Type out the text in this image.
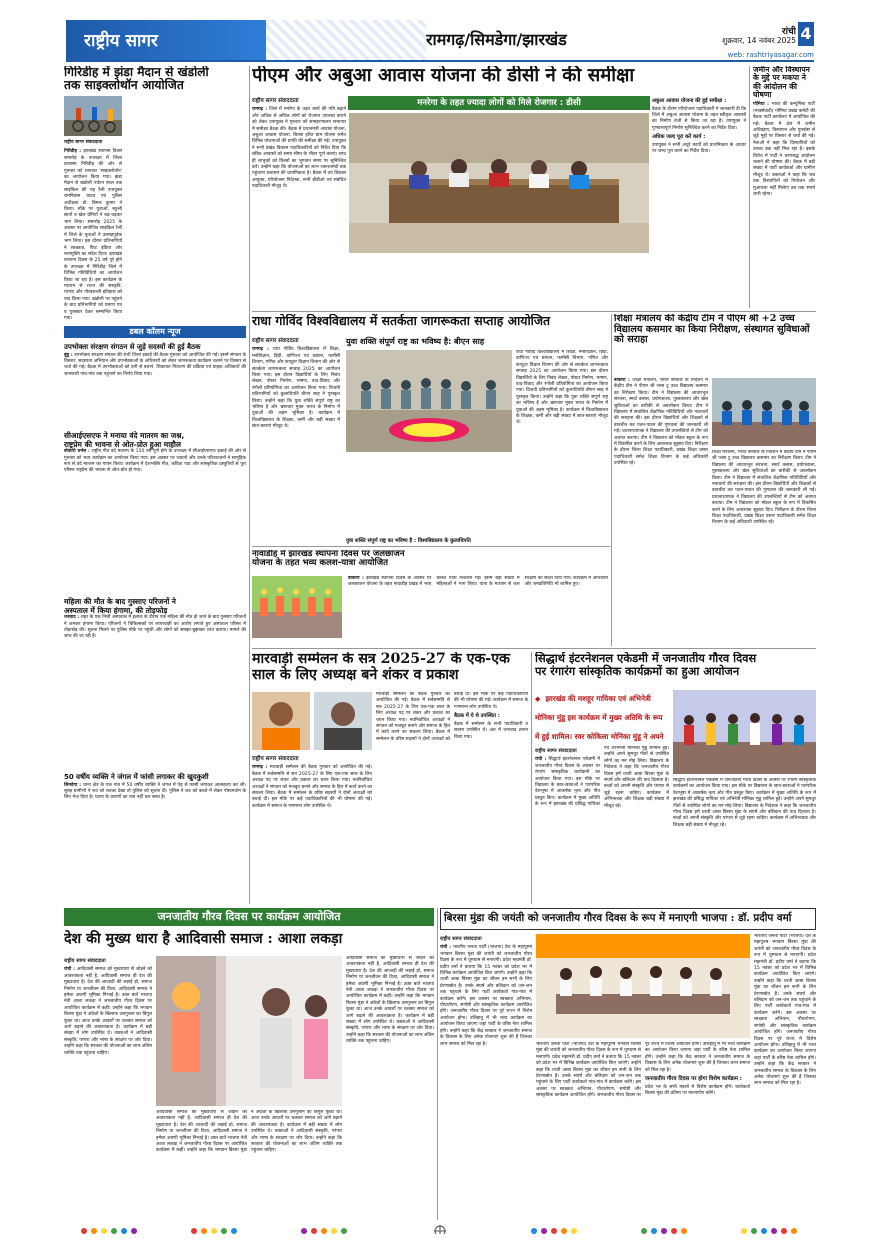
राष्ट्रीय सागर	रामगढ़/सिमडेगा/झारखंड	रांची
शुक्रवार, 14 नवंबर 2025 4
web: rashtriyasagar.com
गिरिडीह में झंडा मैदान से खंडोली
तक साइक्लोथॉन आयोजित
राष्ट्रीय सागर संवाददाता
गिरिडीह : झारखंड स्थापना दिवस समारोह के उपलक्ष्य में जिला प्रशासन गिरिडीह की ओर से गुरुवार को शानदार 'साइक्लोथॉन' का आयोजन किया गया। झंडा मैदान से खंडोली पर्यटन स्थल तक साइकिल की यह रैली उपायुक्त रामनिवास यादव एवं पुलिस अधीक्षक डॉ. बिमल कुमार ने किया। मौके पर युवाओं, स्कूली छात्रों व खेल प्रेमियों ने बढ़-चढ़कर भाग लिया। समारोह 2025 के अवसर पर आयोजित साइकिल रैली में जिले के युवाओं ने उत्साहपूर्वक भाग लिया। इस दौरान प्रतिभागियों ने स्वच्छता, फिट इंडिया और नशामुक्ति का संदेश दिया। झारखंड स्थापना दिवस के 25 वर्ष पूरे होने के उपलक्ष्य में गिरिडीह जिले में विभिन्न गतिविधियों का आयोजन किया जा रहा है। इस कार्यक्रम के माध्यम से राज्य की संस्कृति, परंपरा और गौरवशाली इतिहास को याद किया गया। खंडोली पर पहुंचने के बाद प्रतिभागियों को प्रमाण पत्र व पुरस्कार देकर सम्मानित किया गया।
डबल कॉलम न्यूज
उपभोक्ता संरक्षण संगठन से जुड़े सदस्यों की हुई बैठक
बुंडू : उपभोक्ता संरक्षण संगठन की रांची जिला इकाई की बैठक गुरुवार को आयोजित की गई। इसमें संगठन के विस्तार, सदस्यता अभियान और उपभोक्ताओं के अधिकारों को लेकर जागरूकता कार्यक्रम चलाने पर विस्तार से चर्चा की गई। बैठक में उपभोक्ताओं को ठगी से बचाने, शिकायत निवारण की प्रक्रिया एवं ग्राहक अधिकारों की जानकारी गांव-गांव तक पहुंचाने का निर्णय लिया गया।
सीआईएसएफ ने मनाया वंदे मातरम का जश्न,
राष्ट्रप्रेम की भावना से ओत-प्रोत हुआ माहौल
बोकारो थर्मल : राष्ट्रीय गीत वंदे मातरम के 150 वर्ष पूर्ण होने के उपलक्ष्य में सीआईएसएफ इकाई की ओर से गुरुवार को भव्य कार्यक्रम का आयोजन किया गया। इस अवसर पर जवानों और उनके परिवारजनों ने सामूहिक रूप से वंदे मातरम का गायन किया। कार्यक्रम में देशभक्ति गीत, कविता पाठ और सांस्कृतिक प्रस्तुतियों से पूरा परिसर राष्ट्रप्रेम की भावना से ओत-प्रोत हो गया।
महिला की मौत के बाद गुस्साए परिजनों ने
अस्पताल में किया हंगामा, की तोड़फोड़
धनबाद : शहर के एक निजी अस्पताल में इलाज के दौरान एक महिला की मौत हो जाने के बाद गुस्साए परिजनों ने जमकर हंगामा किया। परिजनों ने चिकित्सकों पर लापरवाही का आरोप लगाते हुए अस्पताल परिसर में तोड़फोड़ की। सूचना मिलने पर पुलिस मौके पर पहुंची और लोगों को समझा-बुझाकर शांत कराया। मामले की जांच की जा रही है।
50 वर्षीय व्यक्ति ने जंगल में फांसी लगाकर की खुदकुशी
सिमडेगा : थाना क्षेत्र के एक गांव में 50 वर्षीय व्यक्ति ने जंगल में पेड़ से फांसी लगाकर आत्महत्या कर ली। सुबह ग्रामीणों ने शव को लटका देखा तो पुलिस को सूचना दी। पुलिस ने शव को कब्जे में लेकर पोस्टमार्टम के लिए भेज दिया है। घटना के कारणों का पता नहीं चल सका है।
पीएम और अबुआ आवास योजना की डीसी ने की समीक्षा
मनरेगा के तहत ज्यादा लोगों को मिले रोजगार : डीसी
राष्ट्रीय सागर संवाददाता
रामगढ़ : जिले में मनरेगा के तहत कार्य की गति बढ़ाने और अधिक से अधिक लोगों को रोजगार उपलब्ध कराने को लेकर उपायुक्त ने गुरुवार को समाहरणालय सभागार में समीक्षा बैठक की। बैठक में प्रधानमंत्री आवास योजना, अबुआ आवास योजना, बिरसा हरित ग्राम योजना समेत विभिन्न योजनाओं की प्रगति की समीक्षा की गई। उपायुक्त ने सभी प्रखंड विकास पदाधिकारियों को निर्देश दिया कि लंबित आवासों को समय सीमा के भीतर पूर्ण कराएं। साथ ही लाभुकों को किस्तों का भुगतान समय पर सुनिश्चित करें। उन्होंने कहा कि योजनाओं का लाभ जरूरतमंदों तक पहुंचाना प्रशासन की प्राथमिकता है। बैठक में उप विकास आयुक्त, परियोजना निदेशक, सभी बीडीओ एवं संबंधित पदाधिकारी मौजूद थे।
अबुआ आवास योजना की हुई समीक्षा :
बैठक के दौरान परियोजना पदाधिकारी ने जानकारी दी कि जिले में अबुआ आवास योजना के तहत स्वीकृत आवासों का निर्माण तेजी से किया जा रहा है। उपायुक्त ने गुणवत्तापूर्ण निर्माण सुनिश्चित करने का निर्देश दिया।
अधिक जल्द पूरा करें कार्य :
उपायुक्त ने सभी अधूरे कार्यों को प्राथमिकता के आधार पर जल्द पूरा करने का निर्देश दिया।
जमीन और विस्थापन के मुद्दे पर मकपा ने की आंदोलन की घोषणा
गोमिया : भारत की कम्युनिस्ट पार्टी (मार्क्सवादी) गोमिया प्रखंड कमेटी की बैठक पार्टी कार्यालय में आयोजित की गई। बैठक में क्षेत्र में जमीन अधिग्रहण, विस्थापन और पुनर्वास से जुड़े मुद्दों पर विस्तार से चर्चा की गई। नेताओं ने कहा कि विस्थापितों को उनका हक नहीं मिल रहा है। इसके विरोध में पार्टी ने चरणबद्ध आंदोलन चलाने की घोषणा की। बैठक में बड़ी संख्या में पार्टी कार्यकर्ता और ग्रामीण मौजूद थे। वक्ताओं ने कहा कि जब तक विस्थापितों को नियोजन और मुआवजा नहीं मिलेगा तब तक संघर्ष जारी रहेगा।
राधा गोविंद विश्वविद्यालय में सतर्कता जागरूकता सप्ताह आयोजित
राष्ट्रीय सागर संवाददाता
रामगढ़ : राधा गोविंद विश्वविद्यालय में शिक्षा, मनोविज्ञान, हिंदी, वाणिज्य एवं प्रबंधन, फार्मेसी विभाग, गणित और कंप्यूटर विज्ञान विभाग की ओर से सतर्कता जागरूकता सप्ताह 2025 का आयोजन किया गया। इस दौरान विद्यार्थियों के लिए निबंध लेखन, पोस्टर निर्माण, भाषण, वाद-विवाद और रंगोली प्रतियोगिता का आयोजन किया गया। विजयी प्रतिभागियों को कुलाधिपति बीएन साह ने पुरस्कृत किया। उन्होंने कहा कि युवा शक्ति संपूर्ण राष्ट्र का भविष्य है और भ्रष्टाचार मुक्त भारत के निर्माण में युवाओं की अहम भूमिका है। कार्यक्रम में विश्वविद्यालय के शिक्षक, कर्मी और बड़ी संख्या में छात्र-छात्राएं मौजूद थे।
युवा शक्ति संपूर्ण राष्ट्र का भविष्य है: बीएन साह
युवा शक्ति संपूर्ण राष्ट्र का भविष्य है : विश्वविद्यालय के कुलाधिपति
राधा गोविंद विश्वविद्यालय में शिक्षा, मनोविज्ञान, हिंदी, वाणिज्य एवं प्रबंधन, फार्मेसी विभाग, गणित और कंप्यूटर विज्ञान विभाग की ओर से सतर्कता जागरूकता सप्ताह 2025 का आयोजन किया गया। इस दौरान विद्यार्थियों के लिए निबंध लेखन, पोस्टर निर्माण, भाषण, वाद-विवाद और रंगोली प्रतियोगिता का आयोजन किया गया। विजयी प्रतिभागियों को कुलाधिपति बीएन साह ने पुरस्कृत किया। उन्होंने कहा कि युवा शक्ति संपूर्ण राष्ट्र का भविष्य है और भ्रष्टाचार मुक्त भारत के निर्माण में युवाओं की अहम भूमिका है। कार्यक्रम में विश्वविद्यालय के शिक्षक, कर्मी और बड़ी संख्या में छात्र-छात्राएं मौजूद थे।
शिक्षा मंत्रालय की केंद्रीय टीम ने पीएम श्री +2 उच्च विद्यालय कसमार का किया निरीक्षण, संस्थागत सुविधाओं को सराहा
बोकारो : शिक्षा मंत्रालय, भारत सरकार के निर्देशन में केंद्रीय टीम ने पीएम श्री प्लस टू उच्च विद्यालय कसमार का निरीक्षण किया। टीम ने विद्यालय की आधारभूत संरचना, स्मार्ट क्लास, प्रयोगशाला, पुस्तकालय और खेल सुविधाओं का बारीकी से अवलोकन किया। टीम ने विद्यालय में संचालित शैक्षणिक गतिविधियों और नवाचारों की सराहना की। इस दौरान विद्यार्थियों और शिक्षकों से बातचीत कर पठन-पाठन की गुणवत्ता की जानकारी ली गई। प्रधानाध्यापक ने विद्यालय की उपलब्धियों से टीम को अवगत कराया। टीम ने विद्यालय को मॉडल स्कूल के रूप में विकसित करने के लिए आवश्यक सुझाव दिए। निरीक्षण के दौरान जिला शिक्षा पदाधिकारी, प्रखंड शिक्षा प्रसार पदाधिकारी समेत शिक्षा विभाग के कई अधिकारी उपस्थित रहे।
शिक्षा मंत्रालय, भारत सरकार के निर्देशन में केंद्रीय टीम ने पीएम श्री प्लस टू उच्च विद्यालय कसमार का निरीक्षण किया। टीम ने विद्यालय की आधारभूत संरचना, स्मार्ट क्लास, प्रयोगशाला, पुस्तकालय और खेल सुविधाओं का बारीकी से अवलोकन किया। टीम ने विद्यालय में संचालित शैक्षणिक गतिविधियों और नवाचारों की सराहना की। इस दौरान विद्यार्थियों और शिक्षकों से बातचीत कर पठन-पाठन की गुणवत्ता की जानकारी ली गई। प्रधानाध्यापक ने विद्यालय की उपलब्धियों से टीम को अवगत कराया। टीम ने विद्यालय को मॉडल स्कूल के रूप में विकसित करने के लिए आवश्यक सुझाव दिए। निरीक्षण के दौरान जिला शिक्षा पदाधिकारी, प्रखंड शिक्षा प्रसार पदाधिकारी समेत शिक्षा विभाग के कई अधिकारी उपस्थित रहे।
नावाडीह में झारखंड स्थापना दिवस पर जलछाजन
योजना के तहत भव्य कलश-यात्रा आयोजित
बोकारो : झारखंड स्थापना दिवस के अवसर पर जलछाजन योजना के तहत नावाडीह प्रखंड में भव्य कलश यात्रा निकाली गई। इसमें बड़ी संख्या में महिलाओं ने भाग लिया। यात्रा के माध्यम से जल संरक्षण का संदेश दिया गया। कार्यक्रम में अधिकारी और जनप्रतिनिधि भी शामिल हुए।
मारवाड़ी सम्मेलन के सत्र 2025-27 के एक-एक
साल के लिए अध्यक्ष बने शंकर व प्रकाश
राष्ट्रीय सागर संवाददाता
रामगढ़ : मारवाड़ी सम्मेलन की बैठक गुरुवार को आयोजित की गई। बैठक में सर्वसम्मति से सत्र 2025-27 के लिए एक-एक साल के लिए अध्यक्ष पद पर शंकर और प्रकाश का चयन किया गया। नवनिर्वाचित अध्यक्षों ने संगठन को मजबूत बनाने और समाज के हित में कार्य करने का संकल्प लिया। बैठक में सम्मेलन के वरिष्ठ सदस्यों ने दोनों अध्यक्षों को बधाई दी। इस मौके पर कई पदाधिकारियों की भी घोषणा की गई। कार्यक्रम में समाज के गणमान्य लोग उपस्थित थे।
मारवाड़ी सम्मेलन की बैठक गुरुवार को आयोजित की गई। बैठक में सर्वसम्मति से सत्र 2025-27 के लिए एक-एक साल के लिए अध्यक्ष पद पर शंकर और प्रकाश का चयन किया गया। नवनिर्वाचित अध्यक्षों ने संगठन को मजबूत बनाने और समाज के हित में कार्य करने का संकल्प लिया। बैठक में सम्मेलन के वरिष्ठ सदस्यों ने दोनों अध्यक्षों को बधाई दी। इस मौके पर कई पदाधिकारियों की भी घोषणा की गई। कार्यक्रम में समाज के गणमान्य लोग उपस्थित थे।
बैठक में ये थे उपस्थित :
बैठक में सम्मेलन के सभी पदाधिकारी व सदस्य उपस्थित थे। अंत में धन्यवाद ज्ञापन किया गया।
सिद्धार्थ इंटरनेशनल एकेडमी में जनजातीय गौरव दिवस
पर रंगारंग सांस्कृतिक कार्यक्रमों का हुआ आयोजन
◆ झारखंड की मशहूर गायिका एवं अभिनेत्री मोनिका मुंडू इस कार्यक्रम में मुख्य अतिथि के रूप में हुई शामिल। स्वर कोकिला मोनिका मुंडू ने अपने
राष्ट्रीय सागर संवाददाता
रांची : सिद्धार्थ इंटरनेशनल एकेडमी में जनजातीय गौरव दिवस के अवसर पर रंगारंग सांस्कृतिक कार्यक्रमों का आयोजन किया गया। इस मौके पर विद्यालय के छात्र-छात्राओं ने पारंपरिक वेशभूषा में आकर्षक नृत्य और गीत प्रस्तुत किए। कार्यक्रम में मुख्य अतिथि के रूप में झारखंड की प्रसिद्ध गायिका एवं अभिनेत्री मोनिका मुंडू शामिल हुईं। उन्होंने अपने सुमधुर गीतों से उपस्थित लोगों का मन मोह लिया। विद्यालय के निदेशक ने कहा कि जनजातीय गौरव दिवस हमें धरती आबा बिरसा मुंडा के संघर्ष और बलिदान की याद दिलाता है। बच्चों को अपनी संस्कृति और परंपरा से जुड़े रहना चाहिए। कार्यक्रम में अभिभावक और शिक्षक बड़ी संख्या में मौजूद रहे।
सिद्धार्थ इंटरनेशनल एकेडमी में जनजातीय गौरव दिवस के अवसर पर रंगारंग सांस्कृतिक कार्यक्रमों का आयोजन किया गया। इस मौके पर विद्यालय के छात्र-छात्राओं ने पारंपरिक वेशभूषा में आकर्षक नृत्य और गीत प्रस्तुत किए। कार्यक्रम में मुख्य अतिथि के रूप में झारखंड की प्रसिद्ध गायिका एवं अभिनेत्री मोनिका मुंडू शामिल हुईं। उन्होंने अपने सुमधुर गीतों से उपस्थित लोगों का मन मोह लिया। विद्यालय के निदेशक ने कहा कि जनजातीय गौरव दिवस हमें धरती आबा बिरसा मुंडा के संघर्ष और बलिदान की याद दिलाता है। बच्चों को अपनी संस्कृति और परंपरा से जुड़े रहना चाहिए। कार्यक्रम में अभिभावक और शिक्षक बड़ी संख्या में मौजूद रहे।
जनजातीय गौरव दिवस पर कार्यक्रम आयोजित
देश की मुख्य धारा है आदिवासी समाज : आशा लकड़ा
राष्ट्रीय सागर संवाददाता
रांची : आदिवासी समाज को मुख्यधारा से जोड़ने को आवश्यकता नहीं है, आदिवासी समाज ही देश की मुख्यधारा है। देश की आजादी की लड़ाई हो, समाज निर्माण या जनजीवन की दिशा, आदिवासी समाज ने हमेशा अग्रणी भूमिका निभाई है। उक्त बातें भाजपा नेत्री आशा लकड़ा ने जनजातीय गौरव दिवस पर आयोजित कार्यक्रम में कहीं। उन्होंने कहा कि भगवान बिरसा मुंडा ने अंग्रेजों के खिलाफ उलगुलान का बिगुल फूंका था। आज उनके आदर्शों पर चलकर समाज को आगे बढ़ाने की आवश्यकता है। कार्यक्रम में बड़ी संख्या में लोग उपस्थित थे। वक्ताओं ने आदिवासी संस्कृति, परंपरा और भाषा के संरक्षण पर जोर दिया। उन्होंने कहा कि सरकार की योजनाओं का लाभ अंतिम व्यक्ति तक पहुंचना चाहिए।
आदिवासी समाज को मुख्यधारा से जोड़ने को आवश्यकता नहीं है, आदिवासी समाज ही देश की मुख्यधारा है। देश की आजादी की लड़ाई हो, समाज निर्माण या जनजीवन की दिशा, आदिवासी समाज ने हमेशा अग्रणी भूमिका निभाई है। उक्त बातें भाजपा नेत्री आशा लकड़ा ने जनजातीय गौरव दिवस पर आयोजित कार्यक्रम में कहीं। उन्होंने कहा कि भगवान बिरसा मुंडा ने अंग्रेजों के खिलाफ उलगुलान का बिगुल फूंका था। आज उनके आदर्शों पर चलकर समाज को आगे बढ़ाने की आवश्यकता है। कार्यक्रम में बड़ी संख्या में लोग उपस्थित थे। वक्ताओं ने आदिवासी संस्कृति, परंपरा और भाषा के संरक्षण पर जोर दिया। उन्होंने कहा कि सरकार की योजनाओं का लाभ अंतिम व्यक्ति तक पहुंचना चाहिए।
आदिवासी समाज को मुख्यधारा से जोड़ने को आवश्यकता नहीं है, आदिवासी समाज ही देश की मुख्यधारा है। देश की आजादी की लड़ाई हो, समाज निर्माण या जनजीवन की दिशा, आदिवासी समाज ने हमेशा अग्रणी भूमिका निभाई है। उक्त बातें भाजपा नेत्री आशा लकड़ा ने जनजातीय गौरव दिवस पर आयोजित कार्यक्रम में कहीं। उन्होंने कहा कि भगवान बिरसा मुंडा ने अंग्रेजों के खिलाफ उलगुलान का बिगुल फूंका था। आज उनके आदर्शों पर चलकर समाज को आगे बढ़ाने की आवश्यकता है। कार्यक्रम में बड़ी संख्या में लोग उपस्थित थे। वक्ताओं ने आदिवासी संस्कृति, परंपरा और भाषा के संरक्षण पर जोर दिया। उन्होंने कहा कि सरकार की योजनाओं का लाभ अंतिम व्यक्ति तक पहुंचना चाहिए।
बिरसा मुंडा की जयंती को जनजातीय गौरव दिवस के रूप में मनाएगी भाजपा : डॉ. प्रदीप वर्मा
राष्ट्रीय सागर संवाददाता
रांची : भारतीय जनता पार्टी (भाजपा) देश के महापुरुष भगवान बिरसा मुंडा की जयंती को जनजातीय गौरव दिवस के रूप में धूमधाम से मनाएगी। प्रदेश महामंत्री डॉ. प्रदीप वर्मा ने बताया कि 15 नवंबर को प्रदेश भर में विभिन्न कार्यक्रम आयोजित किए जाएंगे। उन्होंने कहा कि धरती आबा बिरसा मुंडा का जीवन हम सभी के लिए प्रेरणास्रोत है। उनके संघर्ष और बलिदान को जन-जन तक पहुंचाने के लिए पार्टी कार्यकर्ता गांव-गांव में कार्यक्रम करेंगे। इस अवसर पर स्वच्छता अभियान, पौधारोपण, संगोष्ठी और सांस्कृतिक कार्यक्रम आयोजित होंगे। जनजातीय गौरव दिवस पर पूरे राज्य में विशेष आयोजन होगा। उलिहातु में भी भव्य कार्यक्रम का आयोजन किया जाएगा जहां पार्टी के वरिष्ठ नेता शामिल होंगे। उन्होंने कहा कि केंद्र सरकार ने जनजातीय समाज के विकास के लिए अनेक योजनाएं शुरू की हैं जिनका लाभ समाज को मिल रहा है।	भारतीय जनता पार्टी (भाजपा) देश के महापुरुष भगवान बिरसा मुंडा की जयंती को जनजातीय गौरव दिवस के रूप में धूमधाम से मनाएगी। प्रदेश महामंत्री डॉ. प्रदीप वर्मा ने बताया कि 15 नवंबर को प्रदेश भर में विभिन्न कार्यक्रम आयोजित किए जाएंगे। उन्होंने कहा कि धरती आबा बिरसा मुंडा का जीवन हम सभी के लिए प्रेरणास्रोत है। उनके संघर्ष और बलिदान को जन-जन तक पहुंचाने के लिए पार्टी कार्यकर्ता गांव-गांव में कार्यक्रम करेंगे। इस अवसर पर स्वच्छता अभियान, पौधारोपण, संगोष्ठी और सांस्कृतिक कार्यक्रम आयोजित होंगे। जनजातीय गौरव दिवस पर पूरे राज्य में विशेष आयोजन होगा। उलिहातु में भी भव्य कार्यक्रम का आयोजन किया जाएगा जहां पार्टी के वरिष्ठ नेता शामिल होंगे। उन्होंने कहा कि केंद्र सरकार ने जनजातीय समाज के विकास के लिए अनेक योजनाएं शुरू की हैं जिनका लाभ समाज को मिल रहा है।
जनजातीय गौरव दिवस पर होगा विशेष कार्यक्रम :
प्रदेश भर के सभी मंडलों में विशेष कार्यक्रम होंगे। कार्यकर्ता बिरसा मुंडा की प्रतिमा पर माल्यार्पण करेंगे।
भारतीय जनता पार्टी (भाजपा) देश के महापुरुष भगवान बिरसा मुंडा की जयंती को जनजातीय गौरव दिवस के रूप में धूमधाम से मनाएगी। प्रदेश महामंत्री डॉ. प्रदीप वर्मा ने बताया कि 15 नवंबर को प्रदेश भर में विभिन्न कार्यक्रम आयोजित किए जाएंगे। उन्होंने कहा कि धरती आबा बिरसा मुंडा का जीवन हम सभी के लिए प्रेरणास्रोत है। उनके संघर्ष और बलिदान को जन-जन तक पहुंचाने के लिए पार्टी कार्यकर्ता गांव-गांव में कार्यक्रम करेंगे। इस अवसर पर स्वच्छता अभियान, पौधारोपण, संगोष्ठी और सांस्कृतिक कार्यक्रम आयोजित होंगे। जनजातीय गौरव दिवस पर पूरे राज्य में विशेष आयोजन होगा। उलिहातु में भी भव्य कार्यक्रम का आयोजन किया जाएगा जहां पार्टी के वरिष्ठ नेता शामिल होंगे। उन्होंने कहा कि केंद्र सरकार ने जनजातीय समाज के विकास के लिए अनेक योजनाएं शुरू की हैं जिनका लाभ समाज को मिल रहा है।
